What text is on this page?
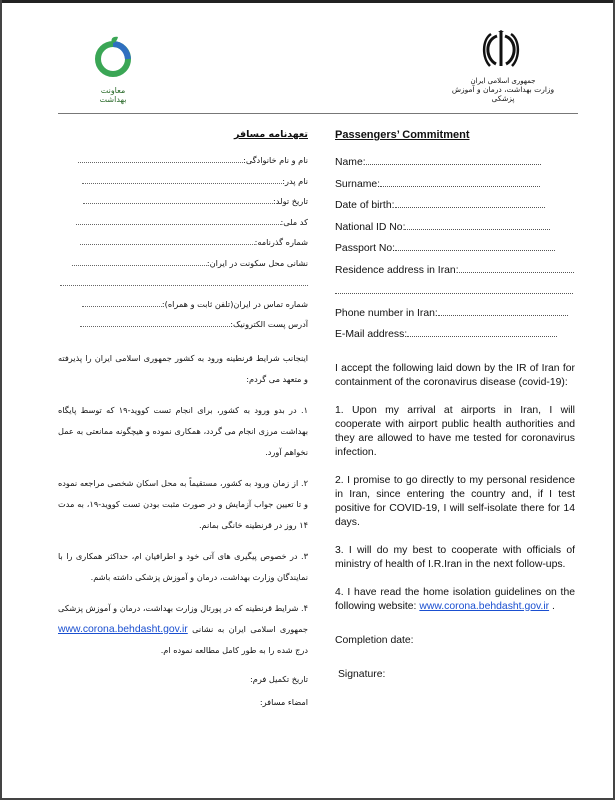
معاونت بهداشت
جمهوری اسلامی ایران
وزارت بهداشت، درمان و آموزش پزشکی
Passengers’ Commitment
Name:
Surname:
Date of birth:
National ID No:
Passport No:
Residence address in Iran:
Phone number in Iran:
E-Mail address:
I accept the following laid down by the IR of Iran for containment of the coronavirus disease (covid-19):
1. Upon my arrival at airports in Iran, I will cooperate with airport public health authorities and they are allowed to have me tested for coronavirus infection.
2. I promise to go directly to my personal residence in Iran, since entering the country and, if I test positive for COVID-19, I will self-isolate there for 14 days.
3. I will do my best to cooperate with officials of ministry of health of I.R.Iran in the next follow-ups.
4. I have read the home isolation guidelines on the following website: www.corona.behdasht.gov.ir .
Completion date:
Signature:
تعهدنامه مسافر
نام و نام خانوادگی:
نام پدر:
تاریخ تولد:
کد ملی:
شماره گذرنامه:
نشانی محل سکونت در ایران:
شماره تماس در ایران(تلفن ثابت و همراه):
آدرس پست الکترونیک:
اینجانب شرایط قرنطینه ورود به کشور جمهوری اسلامی ایران را پذیرفته و متعهد می گردم:
۱. در بدو ورود به کشور، برای انجام تست کووید-۱۹ که توسط پایگاه بهداشت مرزی انجام می گردد، همکاری نموده و هیچگونه ممانعتی به عمل نخواهم آورد.
۲. از زمان ورود به کشور، مستقیماً به محل اسکان شخصی مراجعه نموده و تا تعیین جواب آزمایش و در صورت مثبت بودن تست کووید-۱۹، به مدت ۱۴ روز در قرنطینه خانگی بمانم.
۳. در خصوص پیگیری های آتی خود و اطرافیان ام، حداکثر همکاری را با نمایندگان وزارت بهداشت، درمان و آموزش پزشکی داشته باشم.
۴. شرایط قرنطینه که در پورتال وزارت بهداشت، درمان و آموزش پزشکی جمهوری اسلامی ایران به نشانی www.corona.behdasht.gov.ir درج شده را به طور کامل مطالعه نموده ام.
تاریخ تکمیل فرم:
امضاء مسافر:
